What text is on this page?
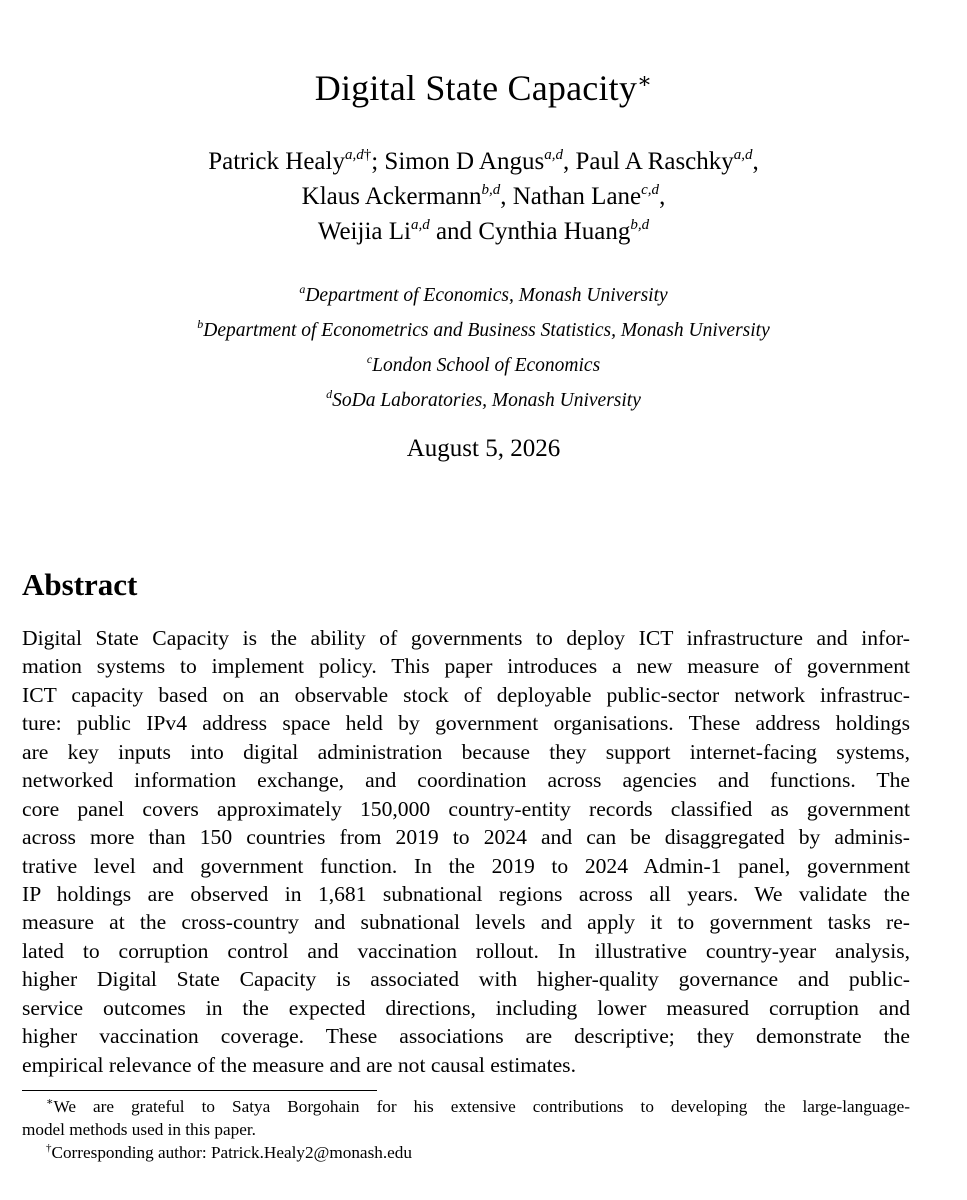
Digital State Capacity∗
Patrick Healy$^{a,d\dagger}$; Simon D Angus$^{a,d}$, Paul A Raschky$^{a,d}$,
Klaus Ackermann$^{b,d}$, Nathan Lane$^{c,d}$,
Weijia Li$^{a,d}$ and Cynthia Huang$^{b,d}$
$^a$Department of Economics, Monash University
$^b$Department of Econometrics and Business Statistics, Monash University
$^c$London School of Economics
$^d$SoDa Laboratories, Monash University
August 5, 2026
Abstract
Digital State Capacity is the ability of governments to deploy ICT infrastructure and infor-
mation systems to implement policy. This paper introduces a new measure of government
ICT capacity based on an observable stock of deployable public-sector network infrastruc-
ture: public IPv4 address space held by government organisations. These address holdings
are key inputs into digital administration because they support internet-facing systems,
networked information exchange, and coordination across agencies and functions. The
core panel covers approximately 150,000 country-entity records classified as government
across more than 150 countries from 2019 to 2024 and can be disaggregated by adminis-
trative level and government function. In the 2019 to 2024 Admin-1 panel, government
IP holdings are observed in 1,681 subnational regions across all years. We validate the
measure at the cross-country and subnational levels and apply it to government tasks re-
lated to corruption control and vaccination rollout. In illustrative country-year analysis,
higher Digital State Capacity is associated with higher-quality governance and public-
service outcomes in the expected directions, including lower measured corruption and
higher vaccination coverage. These associations are descriptive; they demonstrate the
empirical relevance of the measure and are not causal estimates.
∗We are grateful to Satya Borgohain for his extensive contributions to developing the large-language-
model methods used in this paper.
†Corresponding author: Patrick.Healy2@monash.edu
